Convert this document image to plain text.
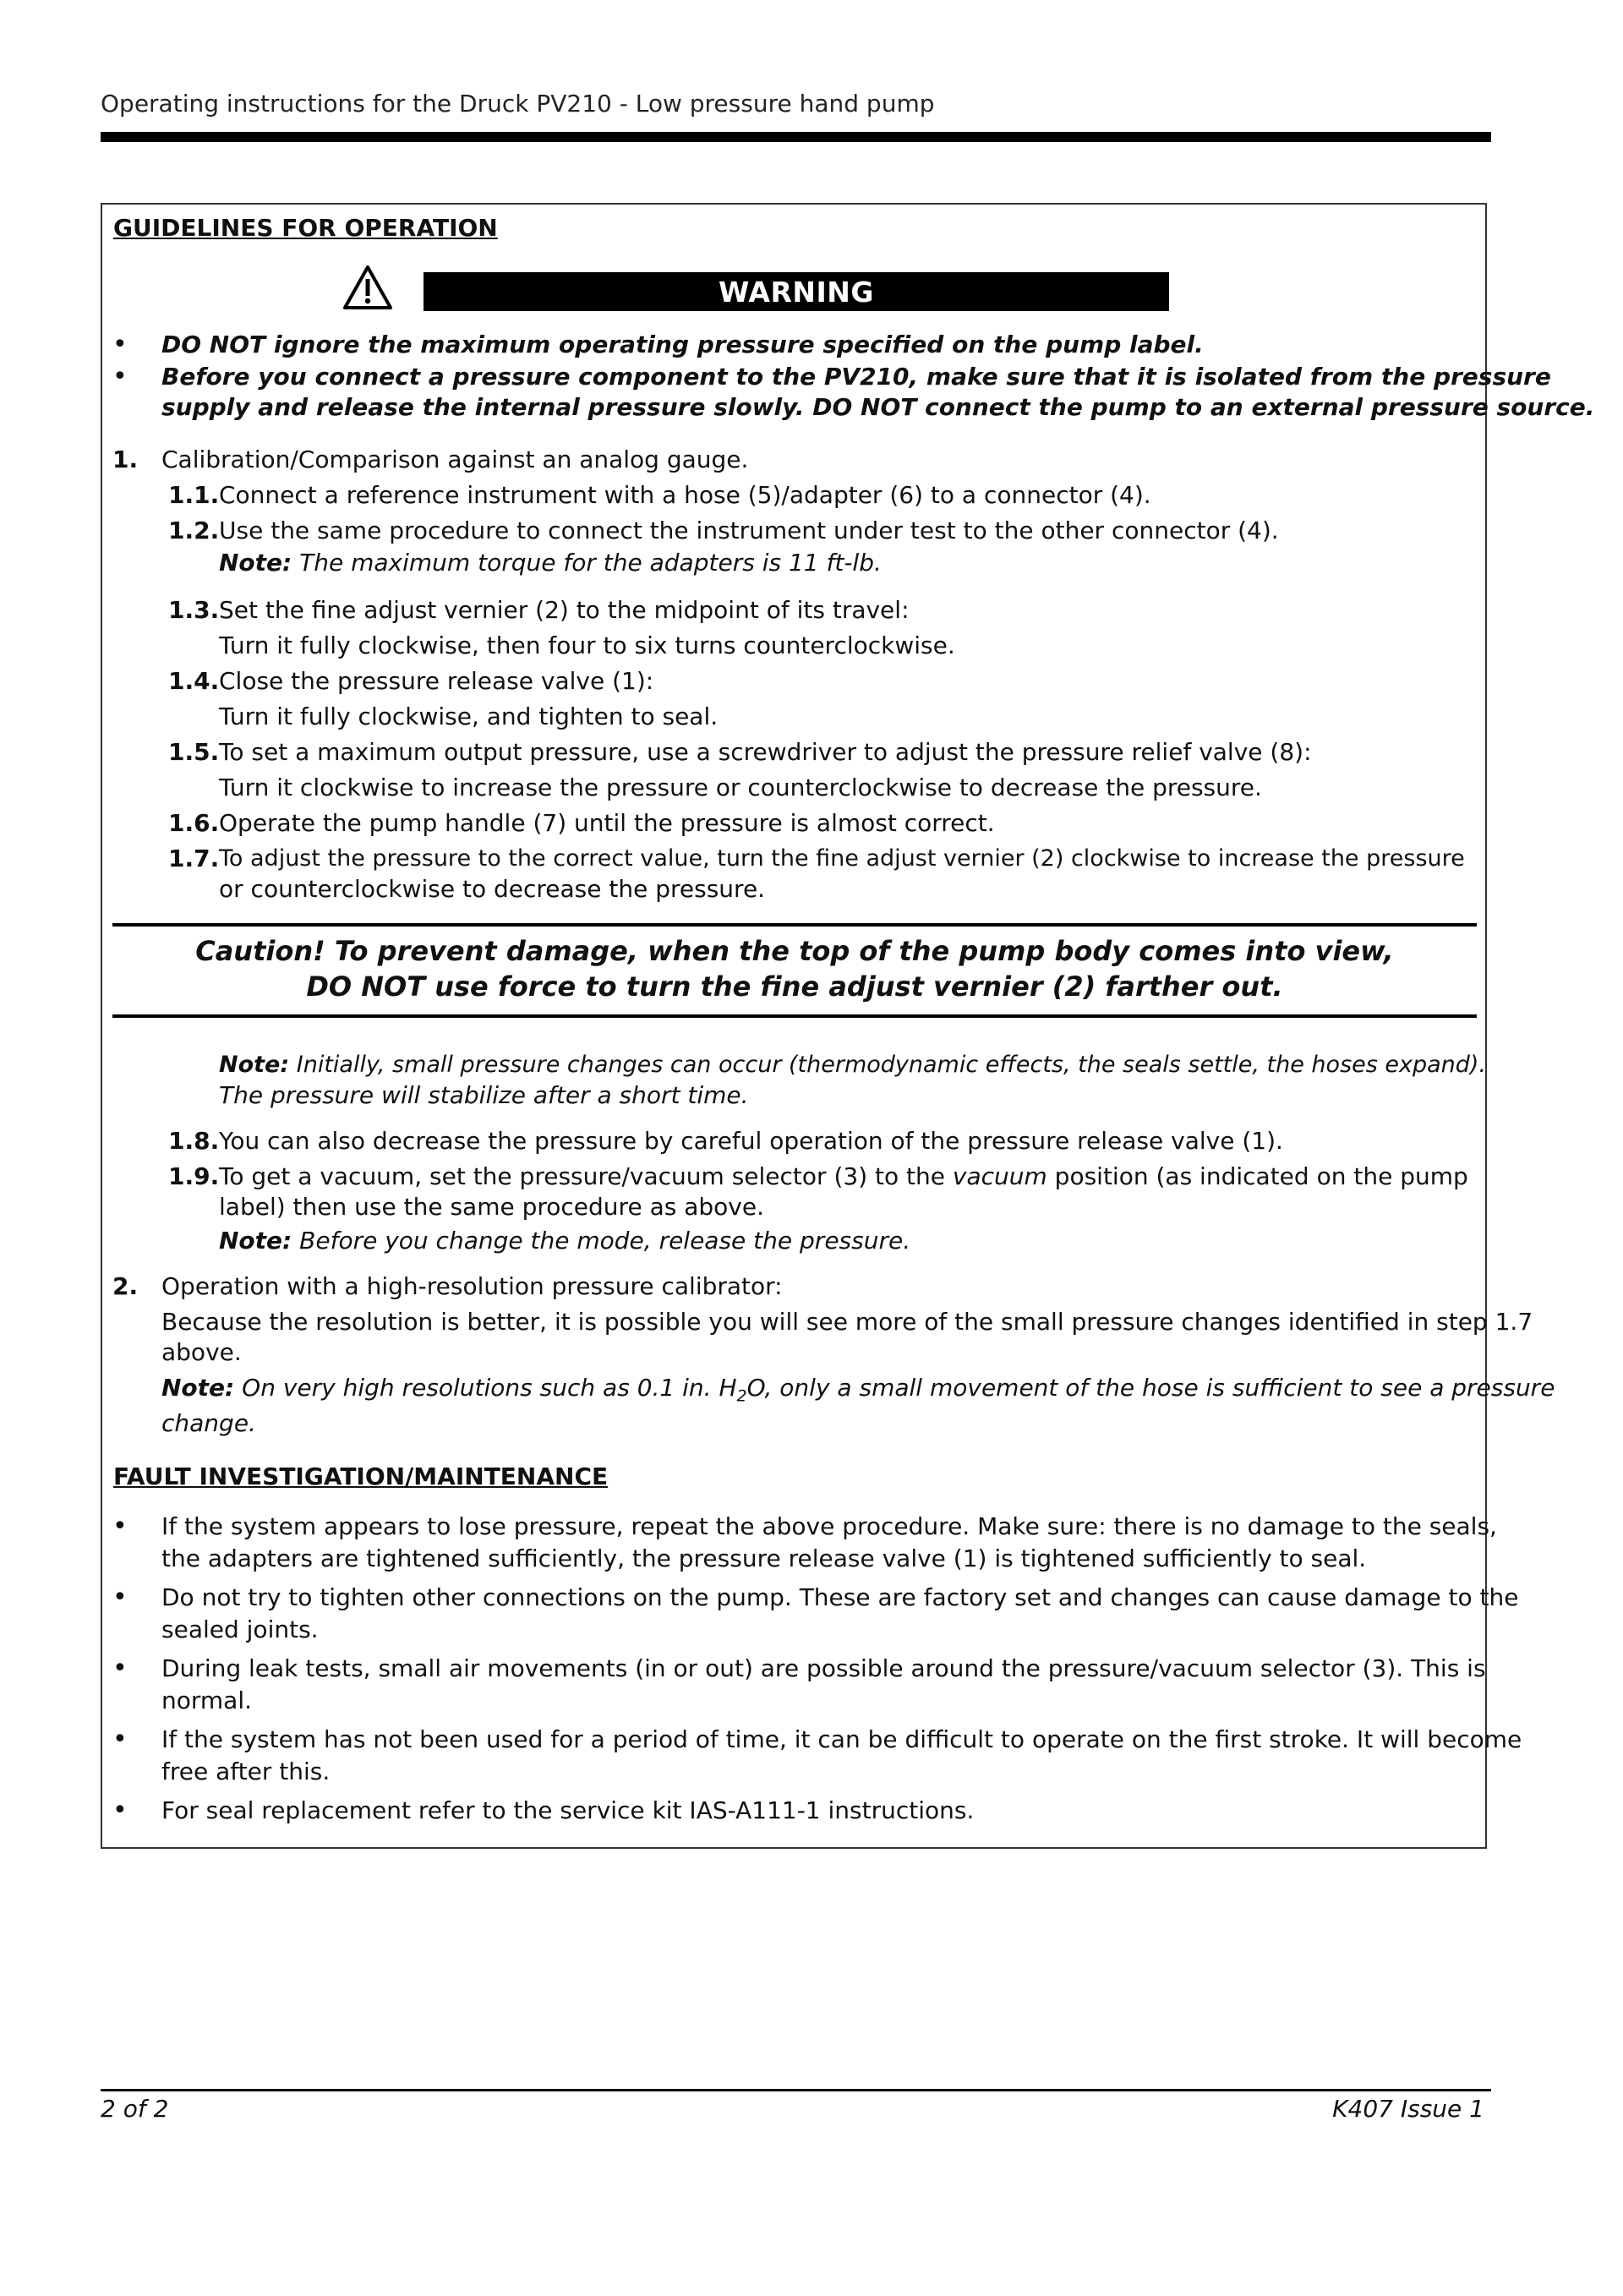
Operating instructions for the Druck PV210 - Low pressure hand pump
GUIDELINES FOR OPERATION
WARNING
• DO NOT ignore the maximum operating pressure specified on the pump label.
• Before you connect a pressure component to the PV210, make sure that it is isolated from the pressure
supply and release the internal pressure slowly. DO NOT connect the pump to an external pressure source.
1. Calibration/Comparison against an analog gauge.
1.1. Connect a reference instrument with a hose (5)/adapter (6) to a connector (4).
1.2. Use the same procedure to connect the instrument under test to the other connector (4).
Note: The maximum torque for the adapters is 11 ft-lb.
1.3. Set the fine adjust vernier (2) to the midpoint of its travel:
Turn it fully clockwise, then four to six turns counterclockwise.
1.4. Close the pressure release valve (1):
Turn it fully clockwise, and tighten to seal.
1.5. To set a maximum output pressure, use a screwdriver to adjust the pressure relief valve (8):
Turn it clockwise to increase the pressure or counterclockwise to decrease the pressure.
1.6. Operate the pump handle (7) until the pressure is almost correct.
1.7. To adjust the pressure to the correct value, turn the fine adjust vernier (2) clockwise to increase the pressure
or counterclockwise to decrease the pressure.
Caution! To prevent damage, when the top of the pump body comes into view,
DO NOT use force to turn the fine adjust vernier (2) farther out.
Note: Initially, small pressure changes can occur (thermodynamic effects, the seals settle, the hoses expand).
The pressure will stabilize after a short time.
1.8. You can also decrease the pressure by careful operation of the pressure release valve (1).
1.9. To get a vacuum, set the pressure/vacuum selector (3) to the vacuum position (as indicated on the pump
label) then use the same procedure as above.
Note: Before you change the mode, release the pressure.
2. Operation with a high-resolution pressure calibrator:
Because the resolution is better, it is possible you will see more of the small pressure changes identified in step 1.7
above.
Note: On very high resolutions such as 0.1 in. $H_2O$, only a small movement of the hose is sufficient to see a pressure
change.
FAULT INVESTIGATION/MAINTENANCE
• If the system appears to lose pressure, repeat the above procedure. Make sure: there is no damage to the seals,
the adapters are tightened sufficiently, the pressure release valve (1) is tightened sufficiently to seal.
• Do not try to tighten other connections on the pump. These are factory set and changes can cause damage to the
sealed joints.
• During leak tests, small air movements (in or out) are possible around the pressure/vacuum selector (3). This is
normal.
• If the system has not been used for a period of time, it can be difficult to operate on the first stroke. It will become
free after this.
• For seal replacement refer to the service kit IAS-A111-1 instructions.
2 of 2	K407 Issue 1
